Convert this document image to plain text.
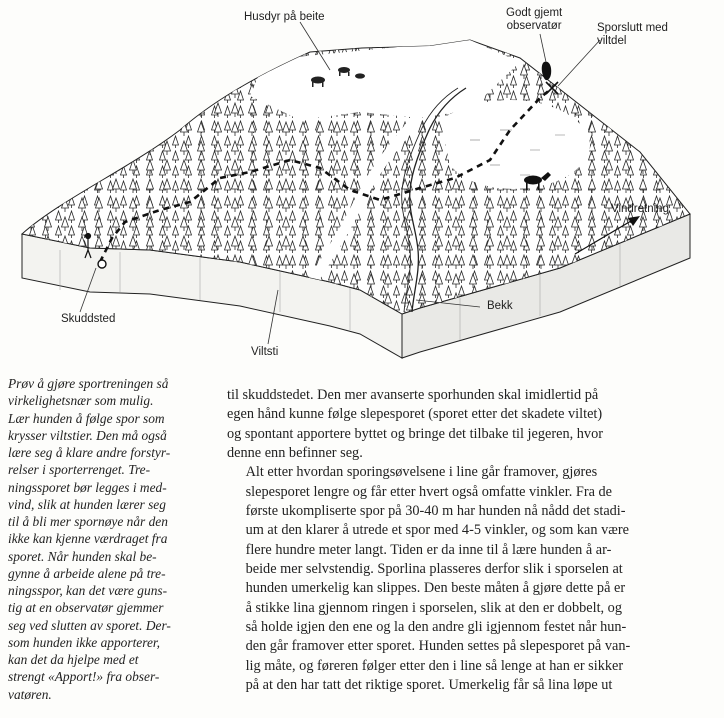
Husdyr på beite	Godt gjemt
observatør	Sporslutt med
viltdel
Vindretning
Bekk
Skuddsted
Viltsti
Prøv å gjøre sportreningen så
virkelighetsnær som mulig.
Lær hunden å følge spor som
krysser viltstier. Den må også
lære seg å klare andre forstyr-
relser i sporterrenget. Tre-
ningssporet bør legges i med-
vind, slik at hunden lærer seg
til å bli mer spornøye når den
ikke kan kjenne værdraget fra
sporet. Når hunden skal be-
gynne å arbeide alene på tre-
ningsspor, kan det være guns-
tig at en observatør gjemmer
seg ved slutten av sporet. Der-
som hunden ikke apporterer,
kan det da hjelpe med et
strengt «Apport!» fra obser-
vatøren.

til skuddstedet. Den mer avanserte sporhunden skal imidlertid på
egen hånd kunne følge slepesporet (sporet etter det skadete viltet)
og spontant apportere byttet og bringe det tilbake til jegeren, hvor
denne enn befinner seg.

Alt etter hvordan sporingsøvelsene i line går framover, gjøres
slepesporet lengre og får etter hvert også omfatte vinkler. Fra de
første ukompliserte spor på 30-40 m har hunden nå nådd det stadi-
um at den klarer å utrede et spor med 4-5 vinkler, og som kan være
flere hundre meter langt. Tiden er da inne til å lære hunden å ar-
beide mer selvstendig. Sporlina plasseres derfor slik i sporselen at
hunden umerkelig kan slippes. Den beste måten å gjøre dette på er
å stikke lina gjennom ringen i sporselen, slik at den er dobbelt, og
så holde igjen den ene og la den andre gli igjennom festet når hun-
den går framover etter sporet. Hunden settes på slepesporet på van-
lig måte, og føreren følger etter den i line så lenge at han er sikker
på at den har tatt det riktige sporet. Umerkelig får så lina løpe ut
